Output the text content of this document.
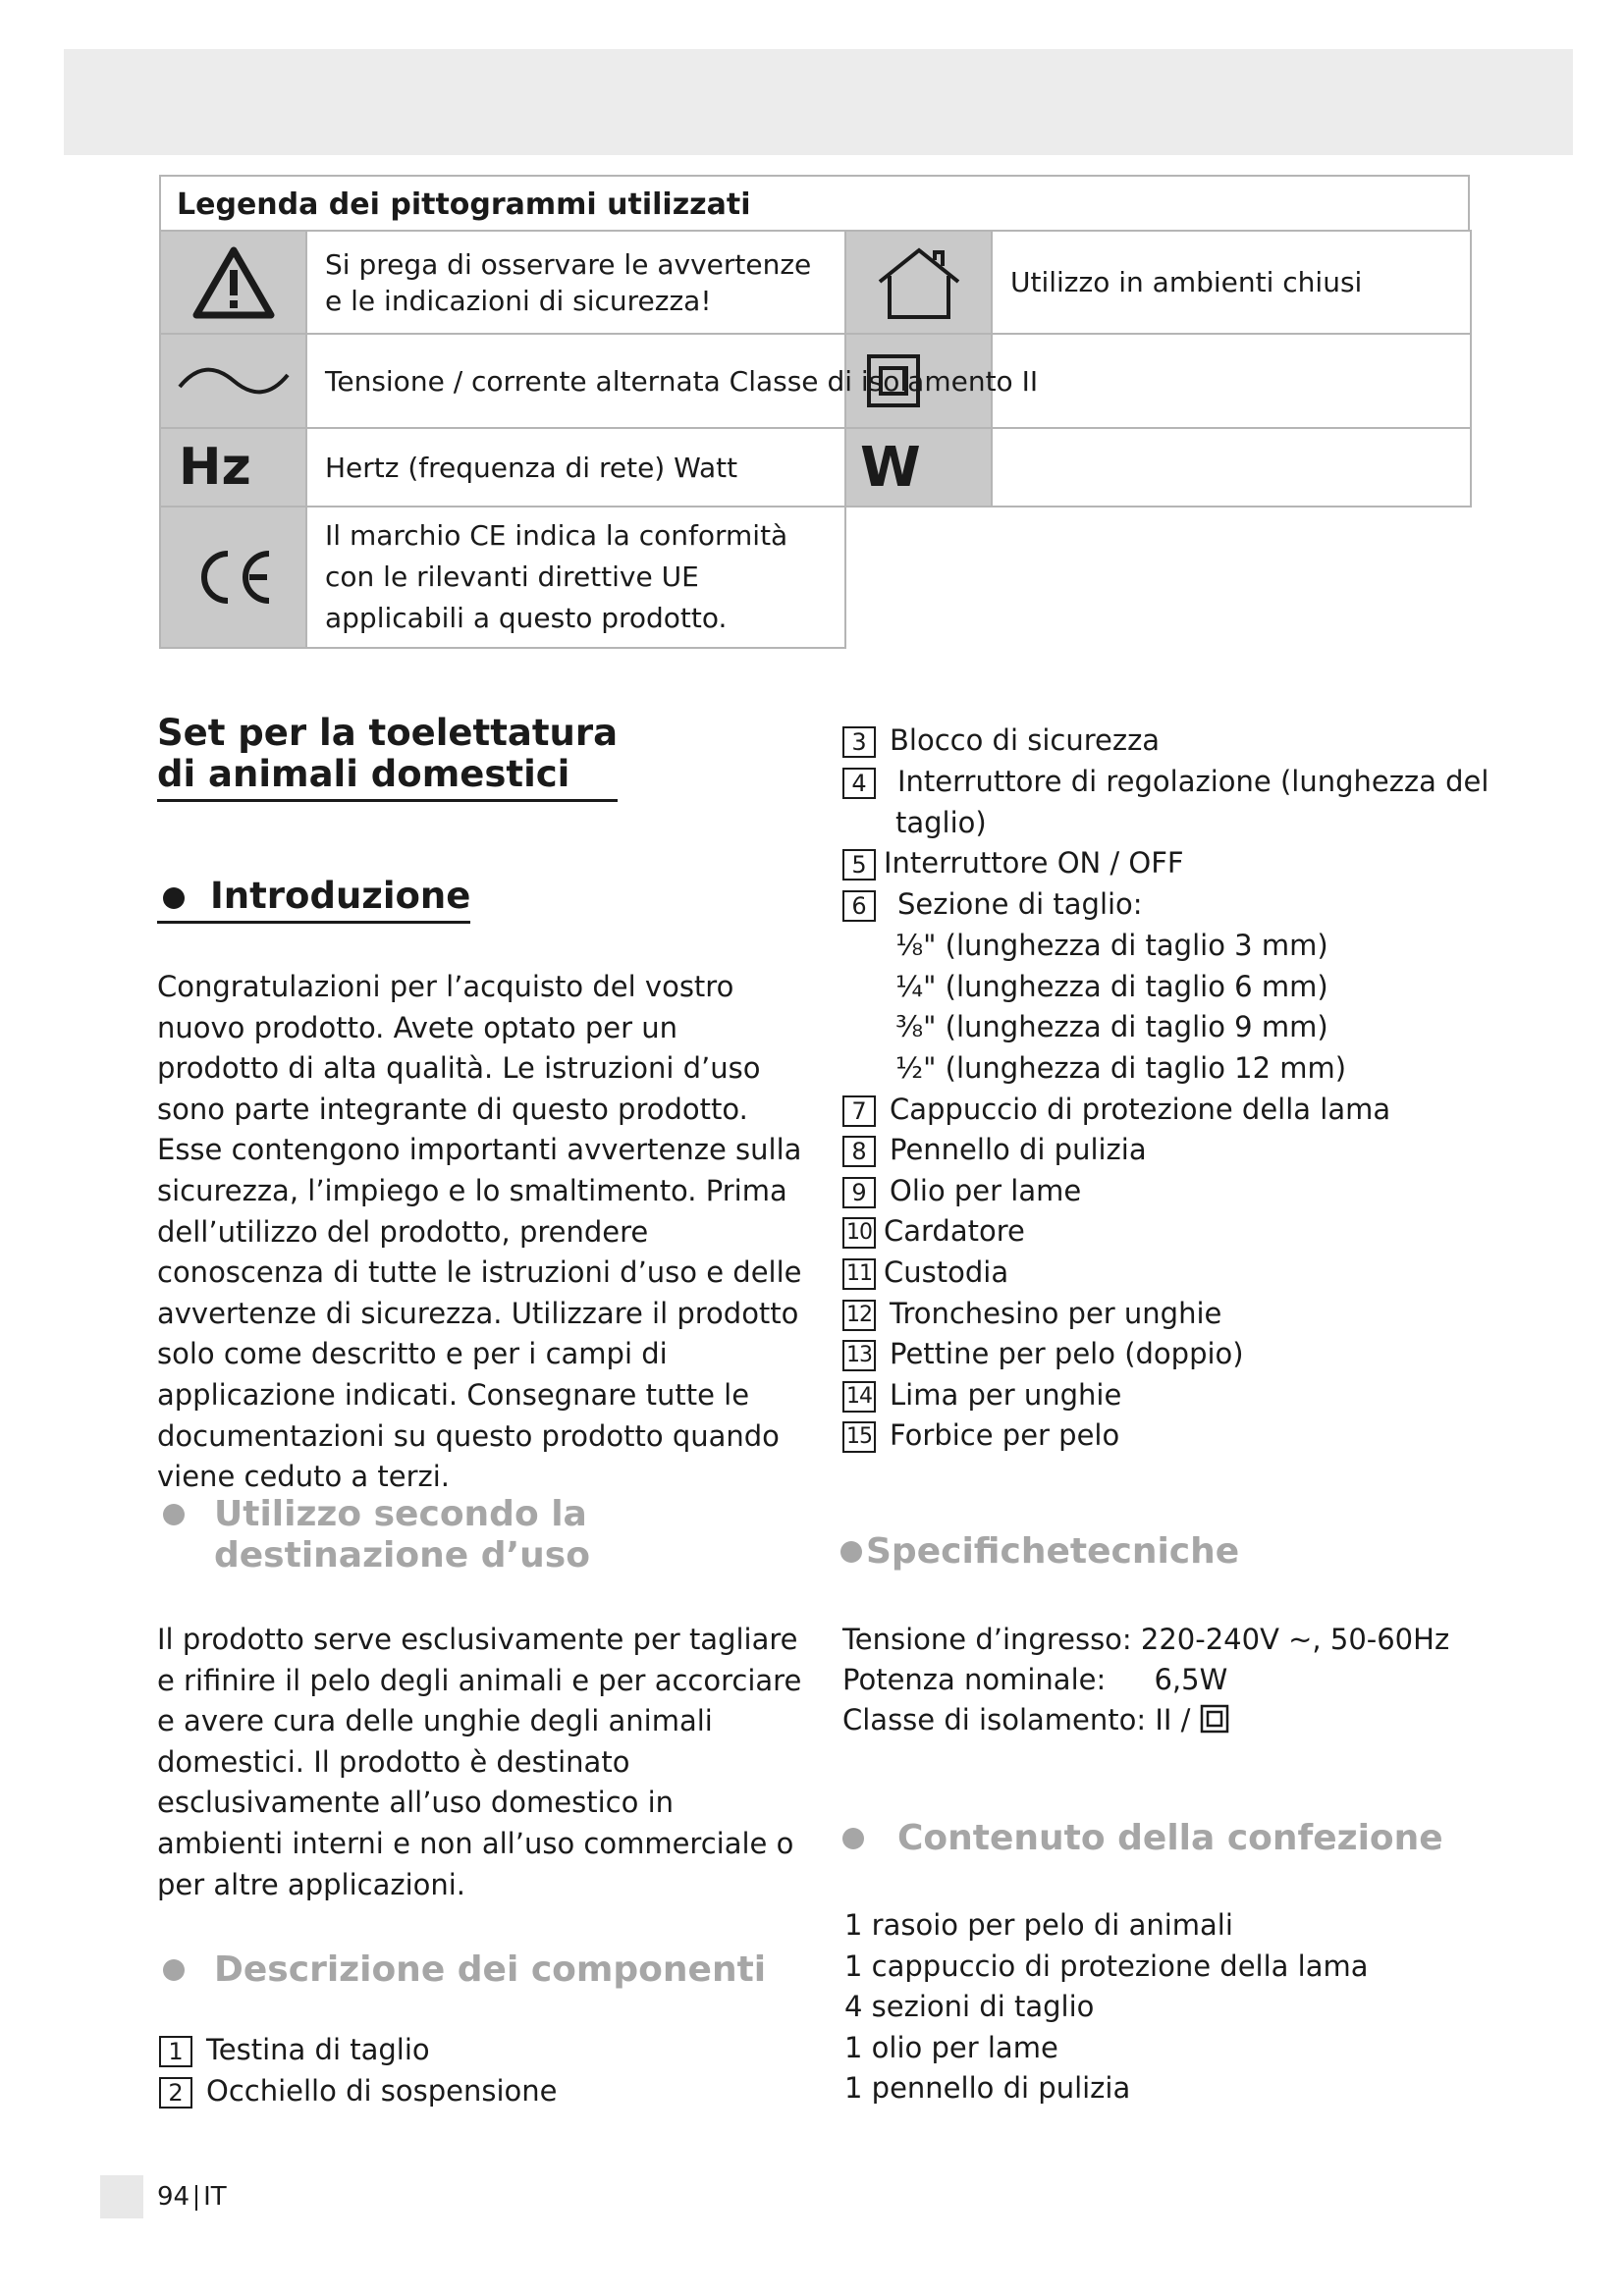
Legenda dei pittogrammi utilizzati
Si prega di osservare le avvertenze e le indicazioni di sicurezza!
Utilizzo in ambienti chiusi
Tensione / corrente alternata Classe di isolamento II
Hz	Hertz (frequenza di rete) Watt W
Il marchio CE indica la conformità con le rilevanti direttive UE applicabili a questo prodotto.
Set per la toelettatura
di animali domestici
Introduzione

Congratulazioni per l’acquisto del vostro nuovo prodotto. Avete optato per un prodotto di alta qualità. Le istruzioni d’uso sono parte integrante di questo prodotto. Esse contengono importanti avvertenze sulla sicurezza, l’impiego e lo smaltimento. Prima dell’utilizzo del prodotto, prendere conoscenza di tutte le istruzioni d’uso e delle avvertenze di sicurezza. Utilizzare il prodotto solo come descritto e per i campi di applicazione indicati. Consegnare tutte le documentazioni su questo prodotto quando viene ceduto a terzi.

Utilizzo secondo la
destinazione d’uso

Il prodotto serve esclusivamente per tagliare e rifinire il pelo degli animali e per accorciare e avere cura delle unghie degli animali domestici. Il prodotto è destinato esclusivamente all’uso domestico in ambienti interni e non all’uso commerciale o per altre applicazioni.

Descrizione dei componenti
1 Testina di taglio
2 Occhiello di sospensione
3 Blocco di sicurezza
4 Interruttore di regolazione (lunghezza del
taglio)
5 Interruttore ON / OFF
6 Sezione di taglio:
⅛" (lunghezza di taglio 3 mm)
¼" (lunghezza di taglio 6 mm)
⅜" (lunghezza di taglio 9 mm)
½" (lunghezza di taglio 12 mm)
7 Cappuccio di protezione della lama
8 Pennello di pulizia
9 Olio per lame
10 Cardatore
11 Custodia
12 Tronchesino per unghie
13 Pettine per pelo (doppio)
14 Lima per unghie
15 Forbice per pelo
Specifichetecniche
Tensione d’ingresso: 220-240V ~, 50-60Hz
Potenza nominale: 6,5W
Classe di isolamento: II /
Contenuto della confezione
1 rasoio per pelo di animali
1 cappuccio di protezione della lama
4 sezioni di taglio
1 olio per lame
1 pennello di pulizia
94 IT
